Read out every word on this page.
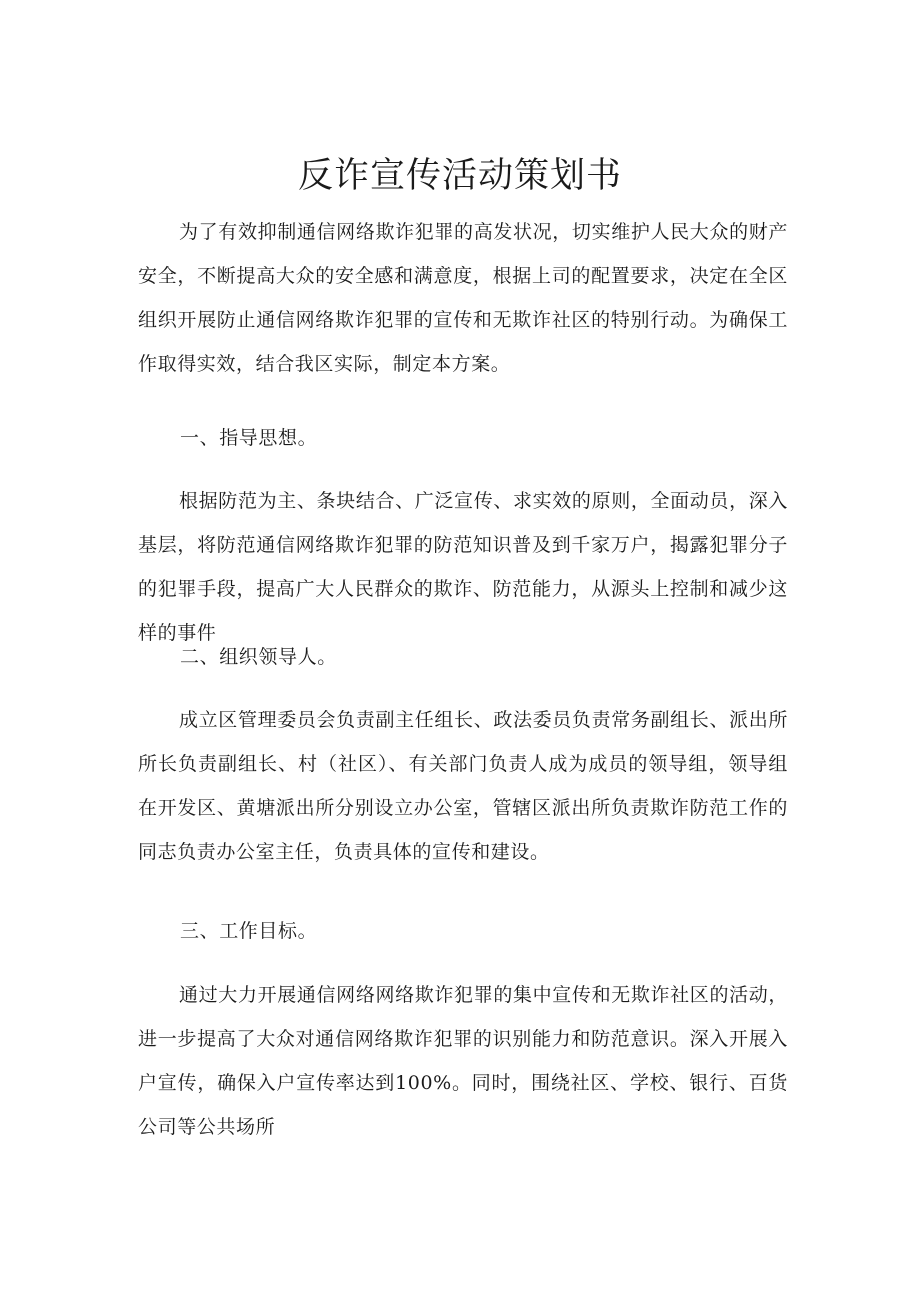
反诈宣传活动策划书

为了有效抑制通信网络欺诈犯罪的高发状况，切实维护人民大众的财产安全，不断提高大众的安全感和满意度，根据上司的配置要求，决定在全区组织开展防止通信网络欺诈犯罪的宣传和无欺诈社区的特别行动。为确保工作取得实效，结合我区实际，制定本方案。

一、指导思想。

根据防范为主、条块结合、广泛宣传、求实效的原则，全面动员，深入基层，将防范通信网络欺诈犯罪的防范知识普及到千家万户，揭露犯罪分子的犯罪手段，提高广大人民群众的欺诈、防范能力，从源头上控制和减少这样的事件

二、组织领导人。

成立区管理委员会负责副主任组长、政法委员负责常务副组长、派出所所长负责副组长、村（社区）、有关部门负责人成为成员的领导组，领导组在开发区、黄塘派出所分别设立办公室，管辖区派出所负责欺诈防范工作的同志负责办公室主任，负责具体的宣传和建设。

三、工作目标。

通过大力开展通信网络网络欺诈犯罪的集中宣传和无欺诈社区的活动，进一步提高了大众对通信网络欺诈犯罪的识别能力和防范意识。深入开展入户宣传，确保入户宣传率达到100%。同时，围绕社区、学校、银行、百货公司等公共场所
